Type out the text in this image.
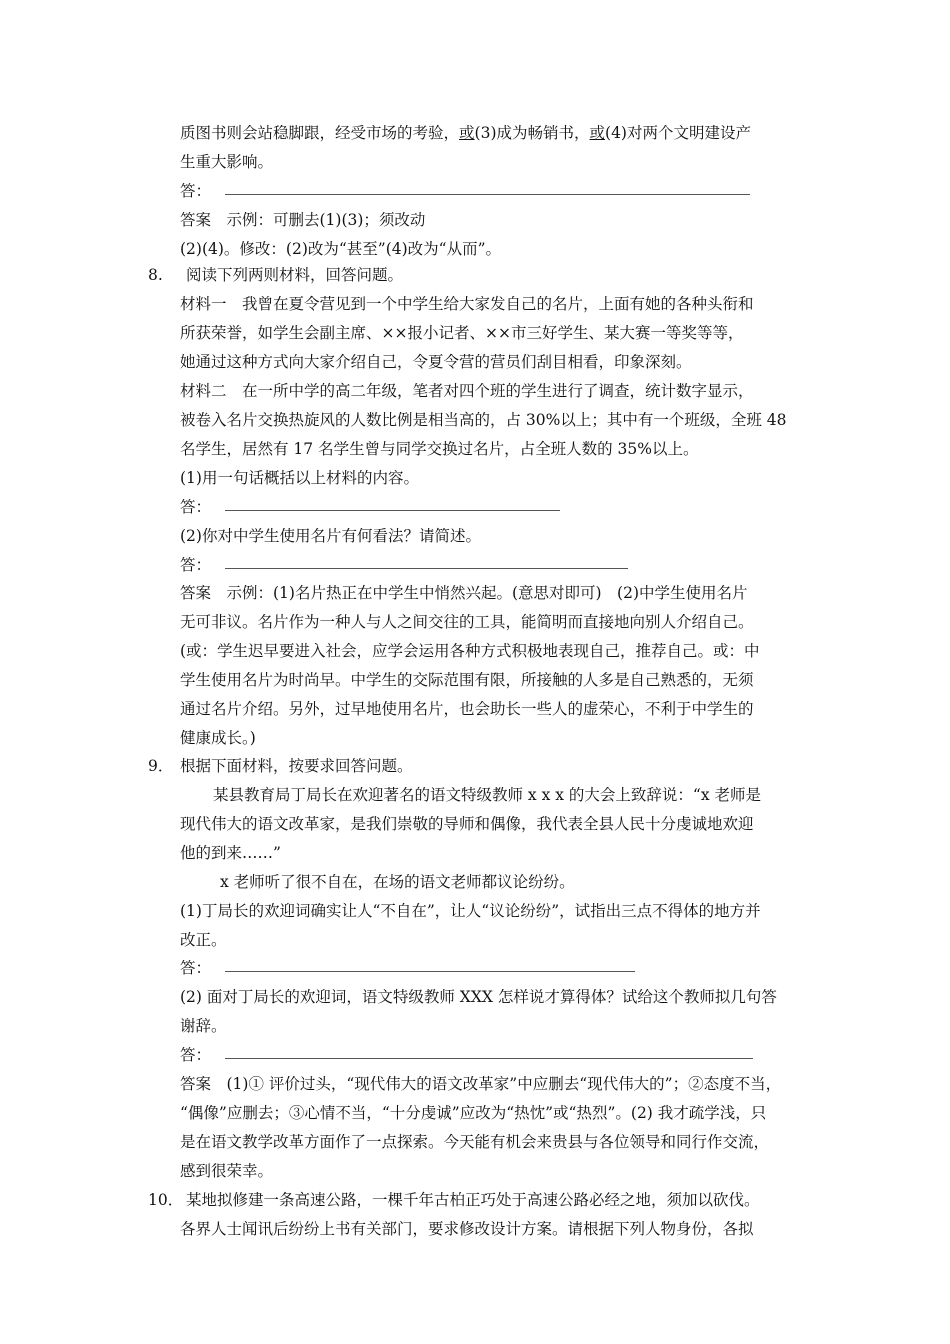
质图书则会站稳脚跟，经受市场的考验，或(3)成为畅销书，或(4)对两个文明建设产
生重大影响。
答：
答案　示例：可删去(1)(3)；须改动
(2)(4)。修改：(2)改为“甚至”(4)改为“从而”。
8. 阅读下列两则材料，回答问题。
材料一　我曾在夏令营见到一个中学生给大家发自己的名片，上面有她的各种头衔和
所获荣誉，如学生会副主席、××报小记者、××市三好学生、某大赛一等奖等等，
她通过这种方式向大家介绍自己，令夏令营的营员们刮目相看，印象深刻。
材料二　在一所中学的高二年级，笔者对四个班的学生进行了调查，统计数字显示，
被卷入名片交换热旋风的人数比例是相当高的，占 30%以上；其中有一个班级，全班 48
名学生，居然有 17 名学生曾与同学交换过名片，占全班人数的 35%以上。
(1)用一句话概括以上材料的内容。
答：
(2)你对中学生使用名片有何看法？请简述。
答：
答案　示例：(1)名片热正在中学生中悄然兴起。(意思对即可)　(2)中学生使用名片
无可非议。名片作为一种人与人之间交往的工具，能简明而直接地向别人介绍自己。
(或：学生迟早要进入社会，应学会运用各种方式积极地表现自己，推荐自己。或：中
学生使用名片为时尚早。中学生的交际范围有限，所接触的人多是自己熟悉的，无须
通过名片介绍。另外，过早地使用名片，也会助长一些人的虚荣心，不利于中学生的
健康成长。)
9． 根据下面材料，按要求回答问题。
某县教育局丁局长在欢迎著名的语文特级教师 x x x 的大会上致辞说：“x 老师是
现代伟大的语文改革家，是我们崇敬的导师和偶像，我代表全县人民十分虔诚地欢迎
他的到来……”
x 老师听了很不自在，在场的语文老师都议论纷纷。
(1)丁局长的欢迎词确实让人“不自在”，让人“议论纷纷”，试指出三点不得体的地方并
改正。
答：
(2) 面对丁局长的欢迎词，语文特级教师 XXX 怎样说才算得体？试给这个教师拟几句答
谢辞。
答：
答案　(1)① 评价过头，“现代伟大的语文改革家”中应删去“现代伟大的”；②态度不当，
“偶像”应删去；③心情不当，“十分虔诚”应改为“热忱”或“热烈”。(2) 我才疏学浅，只
是在语文教学改革方面作了一点探索。今天能有机会来贵县与各位领导和同行作交流，
感到很荣幸。
10． 某地拟修建一条高速公路，一棵千年古柏正巧处于高速公路必经之地，须加以砍伐。
各界人士闻讯后纷纷上书有关部门，要求修改设计方案。请根据下列人物身份，各拟
